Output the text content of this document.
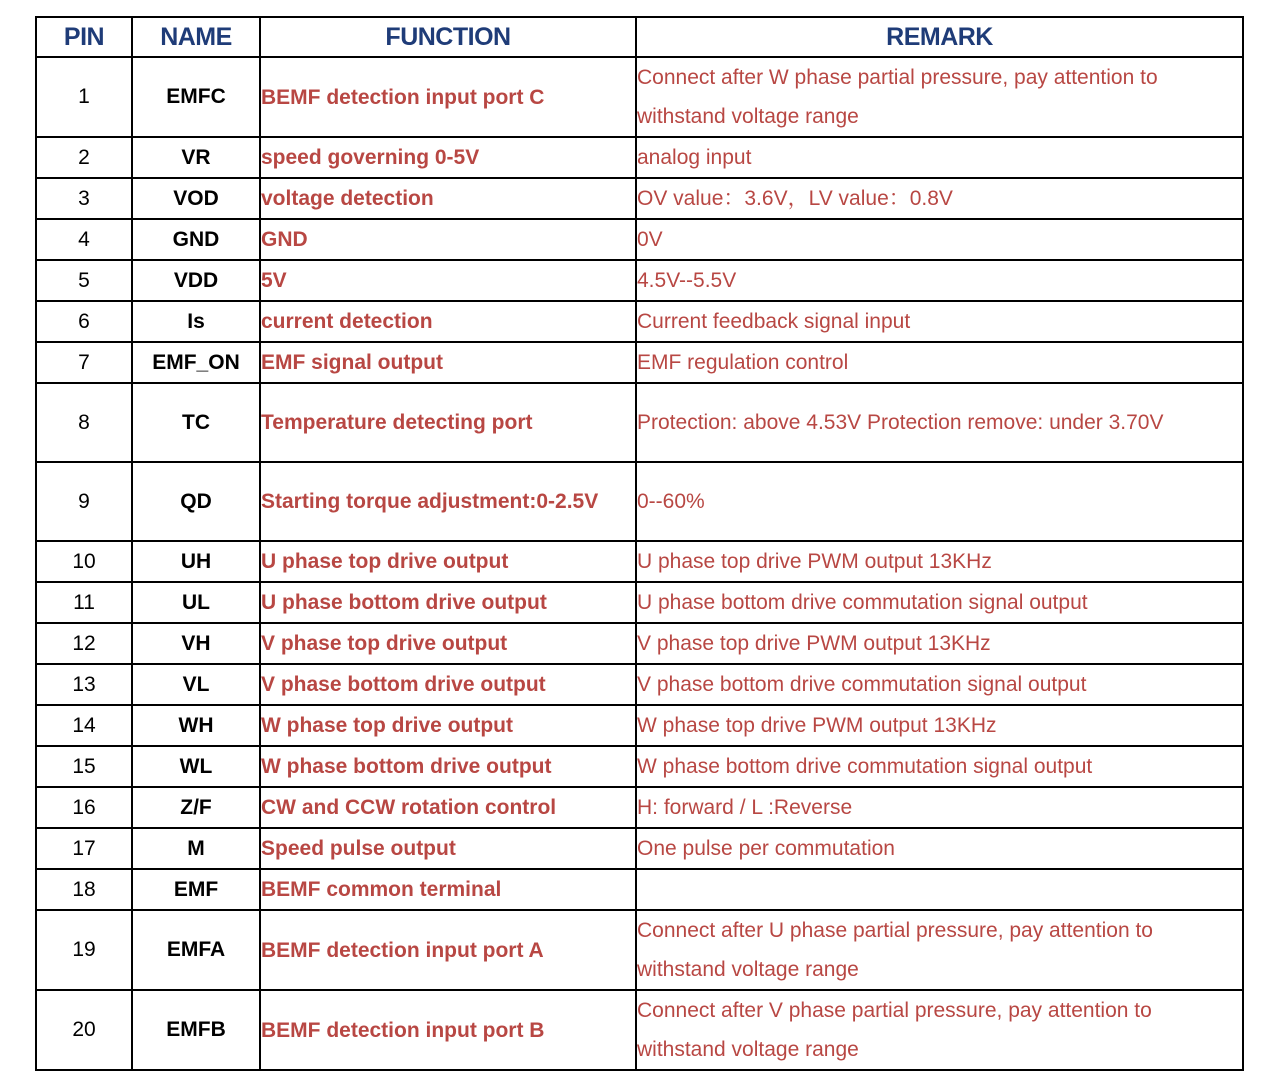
PIN	NAME	FUNCTION	REMARK
1	EMFC	BEMF detection input port C	Connect after W phase partial pressure, pay attention to withstand voltage range
2	VR	speed governing 0-5V	analog input
3	VOD	voltage detection	OV value：3.6V，LV value：0.8V
4	GND	GND	0V
5	VDD	5V	4.5V--5.5V
6	Is	current detection	Current feedback signal input
7	EMF_ON	EMF signal output	EMF regulation control
8	TC	Temperature detecting port	Protection: above 4.53V Protection remove: under 3.70V
9	QD	Starting torque adjustment:0-2.5V	0--60%
10	UH	U phase top drive output	U phase top drive PWM output 13KHz
11	UL	U phase bottom drive output	U phase bottom drive commutation signal output
12	VH	V phase top drive output	V phase top drive PWM output 13KHz
13	VL	V phase bottom drive output	V phase bottom drive commutation signal output
14	WH	W phase top drive output	W phase top drive PWM output 13KHz
15	WL	W phase bottom drive output	W phase bottom drive commutation signal output
16	Z/F	CW and CCW rotation control	H: forward / L :Reverse
17	M	Speed pulse output	One pulse per commutation
18	EMF	BEMF common terminal	
19	EMFA	BEMF detection input port A	Connect after U phase partial pressure, pay attention to withstand voltage range
20	EMFB	BEMF detection input port B	Connect after V phase partial pressure, pay attention to withstand voltage range
